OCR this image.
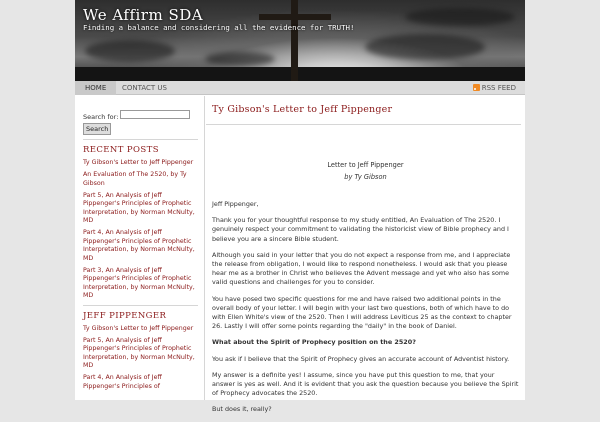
We Affirm SDA
Finding a balance and considering all the evidence for TRUTH!
HOME	CONTACT US	RSS FEED
Search for:
Search
RECENT POSTS
Ty Gibson's Letter to Jeff Pippenger
An Evaluation of The 2520, by Ty Gibson
Part 5, An Analysis of Jeff Pippenger's Principles of Prophetic Interpretation, by Norman McNulty, MD
Part 4, An Analysis of Jeff Pippenger's Principles of Prophetic Interpretation, by Norman McNulty, MD
Part 3, An Analysis of Jeff Pippenger's Principles of Prophetic Interpretation, by Norman McNulty, MD
JEFF PIPPENGER
Ty Gibson's Letter to Jeff Pippenger
Part 5, An Analysis of Jeff Pippenger's Principles of Prophetic Interpretation, by Norman McNulty, MD
Part 4, An Analysis of Jeff Pippenger's Principles of
Ty Gibson's Letter to Jeff Pippenger
Letter to Jeff Pippenger
by Ty Gibson
Jeff Pippenger,
Thank you for your thoughtful response to my study entitled, An Evaluation of The 2520. I genuinely respect your commitment to validating the historicist view of Bible prophecy and I believe you are a sincere Bible student.
Although you said in your letter that you do not expect a response from me, and I appreciate the release from obligation, I would like to respond nonetheless. I would ask that you please hear me as a brother in Christ who believes the Advent message and yet who also has some valid questions and challenges for you to consider.
You have posed two specific questions for me and have raised two additional points in the overall body of your letter. I will begin with your last two questions, both of which have to do with Ellen White's view of the 2520. Then I will address Leviticus 25 as the context to chapter 26. Lastly I will offer some points regarding the "daily" in the book of Daniel.
What about the Spirit of Prophecy position on the 2520?
You ask if I believe that the Spirit of Prophecy gives an accurate account of Adventist history.
My answer is a definite yes! I assume, since you have put this question to me, that your answer is yes as well. And it is evident that you ask the question because you believe the Spirit of Prophecy advocates the 2520.
But does it, really?
